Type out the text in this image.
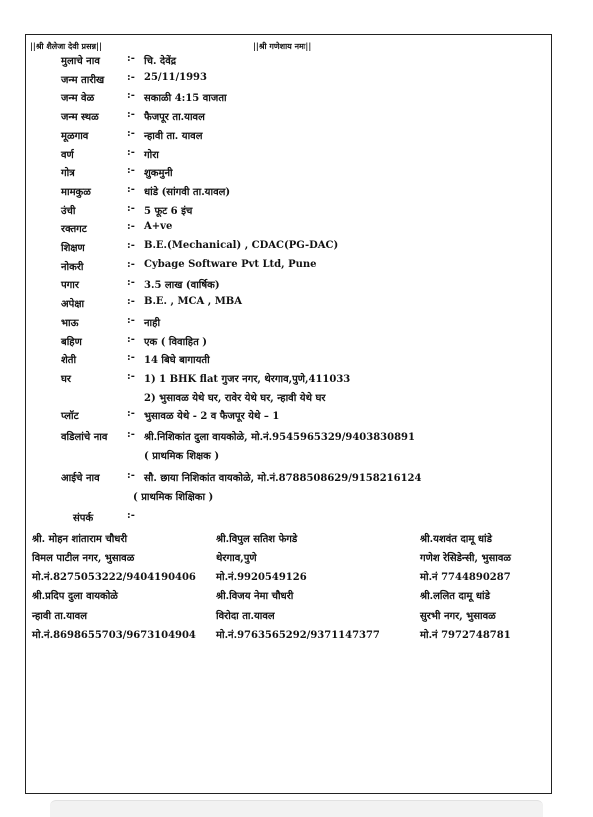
||श्री शैलेजा देवी प्रसन्न||	||श्री गणेशाय नमः||
मुलाचे नाव	:- चि. देवेंद्र
जन्म तारीख :- 25/11/1993
जन्म वेळ	:- सकाळी 4:15 वाजता
जन्म स्थळ	:- फैजपूर ता.यावल
मूळगाव	:- न्हावी ता. यावल
वर्ण	:- गोरा
गोत्र	:- शुकमुनी
मामकुळ	:- धांडे (सांगवी ता.यावल)
उंची	:- 5 फूट 6 इंच
रक्तगट	:- A+ve
शिक्षण	:- B.E.(Mechanical) , CDAC(PG-DAC)
नोकरी	:- Cybage Software Pvt Ltd, Pune
पगार	:- 3.5 लाख (वार्षिक)
अपेक्षा	:- B.E. , MCA , MBA
भाऊ	:- नाही
बहिण	:- एक ( विवाहित )
शेती	:- 14 बिघे बागायती
घर	:- 1) 1 BHK flat गुजर नगर, थेरगाव,पुणे,411033
2) भुसावळ येथे घर, रावेर येथे घर, न्हावी येथे घर
प्लॉट	:- भुसावळ येथे - 2 व फैजपूर येथे – 1
वडिलांचे नाव :- श्री.निशिकांत दुला वायकोळे, मो.नं.9545965329/9403830891
( प्राथमिक शिक्षक )
आईचे नाव	:- सौ. छाया निशिकांत वायकोळे, मो.नं.8788508629/9158216124
( प्राथमिक शिक्षिका )
संपर्क	:-
श्री. मोहन शांताराम चौधरी	श्री.विपुल सतिश फेगडे	श्री.यशवंत दामू धांडे
विमल पाटील नगर, भुसावळ	थेरगाव,पुणे	गणेश रेसिडेन्सी, भुसावळ
मो.नं.8275053222/9404190406 मो.नं.9920549126	मो.नं 7744890287
श्री.प्रदिप दुला वायकोळे	श्री.विजय नेमा चौधरी	श्री.ललित दामू धांडे
न्हावी ता.यावल	विरोदा ता.यावल	सुरभी नगर, भुसावळ
मो.नं.8698655703/9673104904 मो.नं.9763565292/9371147377	मो.नं 7972748781
